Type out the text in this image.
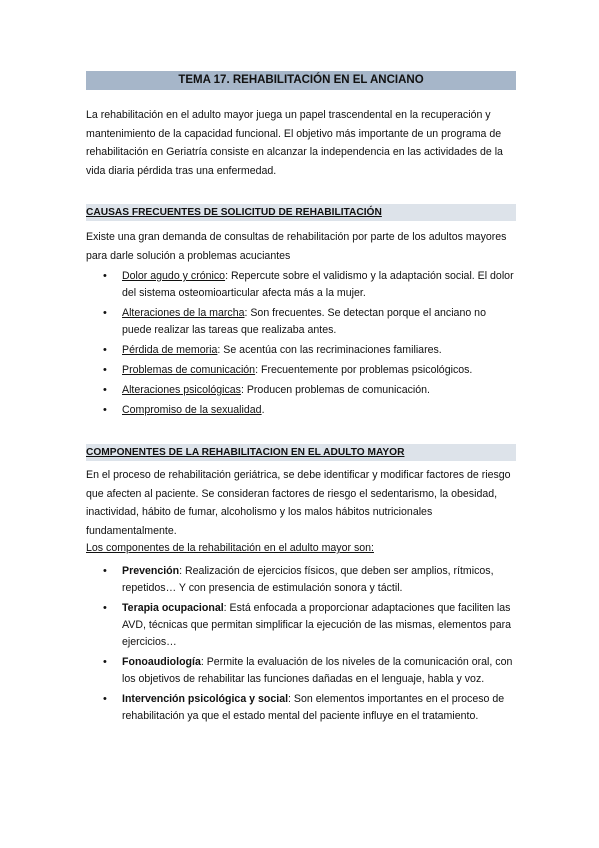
TEMA 17. REHABILITACIÓN EN EL ANCIANO
La rehabilitación en el adulto mayor juega un papel trascendental en la recuperación y mantenimiento de la capacidad funcional. El objetivo más importante de un programa de rehabilitación en Geriatría consiste en alcanzar la independencia en las actividades de la vida diaria pérdida tras una enfermedad.
CAUSAS FRECUENTES DE SOLICITUD DE REHABILITACIÓN
Existe una gran demanda de consultas de rehabilitación por parte de los adultos mayores para darle solución a problemas acuciantes
• Dolor agudo y crónico: Repercute sobre el validismo y la adaptación social. El dolor del sistema osteomioarticular afecta más a la mujer.
• Alteraciones de la marcha: Son frecuentes. Se detectan porque el anciano no puede realizar las tareas que realizaba antes.
• Pérdida de memoria: Se acentúa con las recriminaciones familiares.
• Problemas de comunicación: Frecuentemente por problemas psicológicos.
• Alteraciones psicológicas: Producen problemas de comunicación.
• Compromiso de la sexualidad.
COMPONENTES DE LA REHABILITACION EN EL ADULTO MAYOR
En el proceso de rehabilitación geriátrica, se debe identificar y modificar factores de riesgo que afecten al paciente. Se consideran factores de riesgo el sedentarismo, la obesidad, inactividad, hábito de fumar, alcoholismo y los malos hábitos nutricionales fundamentalmente.
Los componentes de la rehabilitación en el adulto mayor son:
• Prevención: Realización de ejercicios físicos, que deben ser amplios, rítmicos, repetidos… Y con presencia de estimulación sonora y táctil.
• Terapia ocupacional: Está enfocada a proporcionar adaptaciones que faciliten las AVD, técnicas que permitan simplificar la ejecución de las mismas, elementos para ejercicios…
• Fonoaudiología: Permite la evaluación de los niveles de la comunicación oral, con los objetivos de rehabilitar las funciones dañadas en el lenguaje, habla y voz.
• Intervención psicológica y social: Son elementos importantes en el proceso de rehabilitación ya que el estado mental del paciente influye en el tratamiento.
